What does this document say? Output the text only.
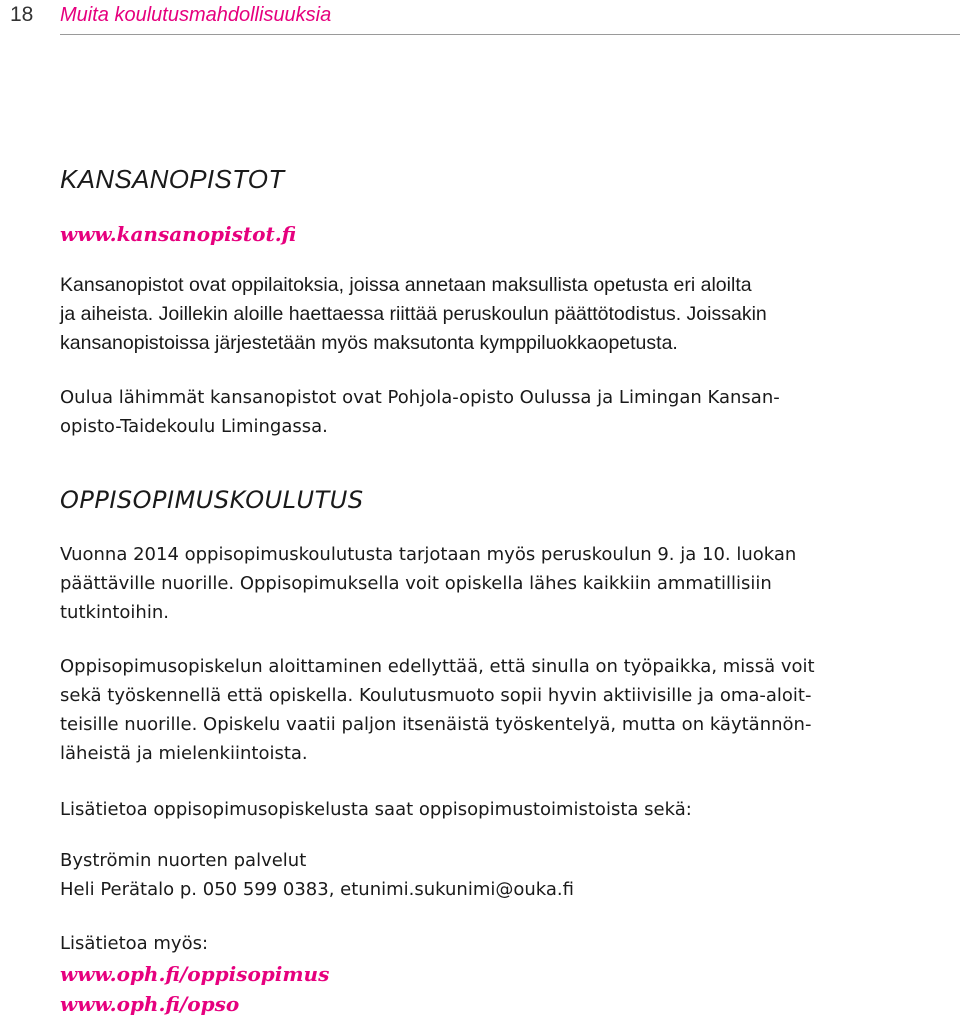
18 Muita koulutusmahdollisuuksia
KANSANOPISTOT
www.kansanopistot.fi
Kansanopistot ovat oppilaitoksia, joissa annetaan maksullista opetusta eri aloilta
ja aiheista. Joillekin aloille haettaessa riittää peruskoulun päättötodistus. Joissakin
kansanopistoissa järjestetään myös maksutonta kymppiluokkaopetusta.
Oulua lähimmät kansanopistot ovat Pohjola-opisto Oulussa ja Limingan Kansan-
opisto-Taidekoulu Limingassa.
OPPISOPIMUSKOULUTUS
Vuonna 2014 oppisopimuskoulutusta tarjotaan myös peruskoulun 9. ja 10. luokan
päättäville nuorille. Oppisopimuksella voit opiskella lähes kaikkiin ammatillisiin
tutkintoihin.
Oppisopimusopiskelun aloittaminen edellyttää, että sinulla on työpaikka, missä voit
sekä työskennellä että opiskella. Koulutusmuoto sopii hyvin aktiivisille ja oma-aloit-
teisille nuorille. Opiskelu vaatii paljon itsenäistä työskentelyä, mutta on käytännön-
läheistä ja mielenkiintoista.
Lisätietoa oppisopimusopiskelusta saat oppisopimustoimistoista sekä:
Byströmin nuorten palvelut
Heli Perätalo p. 050 599 0383, etunimi.sukunimi@ouka.fi
Lisätietoa myös:
www.oph.fi/oppisopimus
www.oph.fi/opso
